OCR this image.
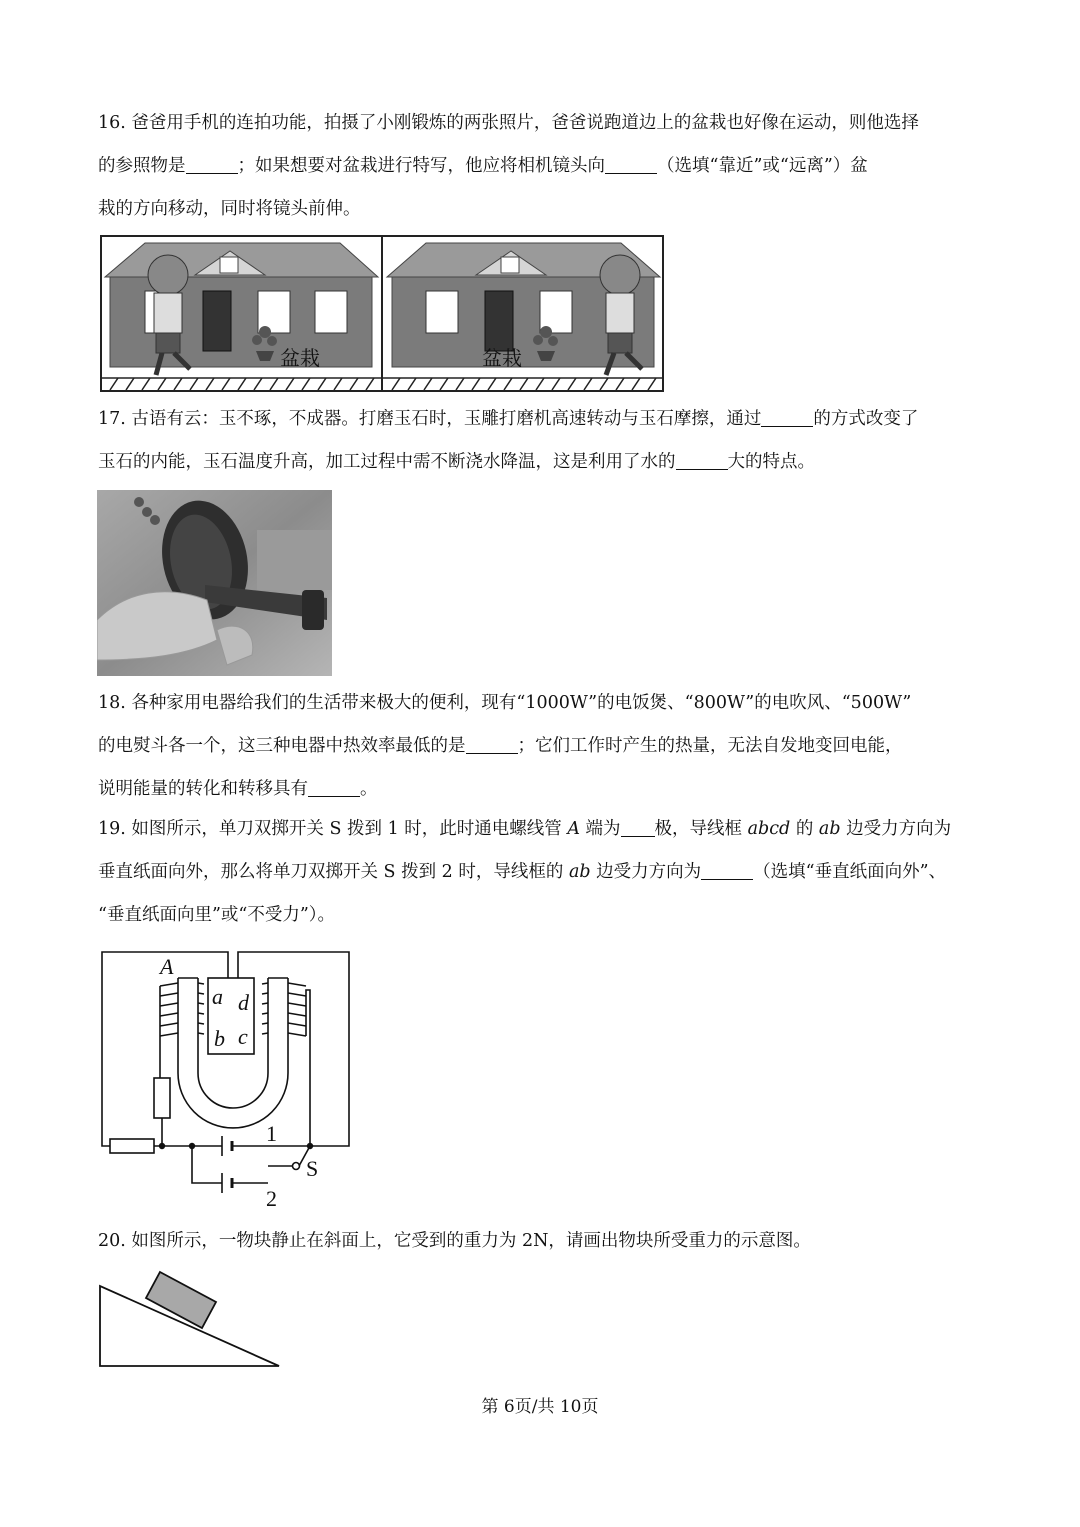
16. 爸爸用手机的连拍功能，拍摄了小刚锻炼的两张照片，爸爸说跑道边上的盆栽也好像在运动，则他选择
的参照物是	；如果想要对盆栽进行特写，他应将相机镜头向	（选填“靠近”或“远离”）盆
栽的方向移动，同时将镜头前伸。
盆栽	盆栽
17. 古语有云：玉不琢，不成器。打磨玉石时，玉雕打磨机高速转动与玉石摩擦，通过	的方式改变了
玉石的内能，玉石温度升高，加工过程中需不断浇水降温，这是利用了水的	大的特点。
18. 各种家用电器给我们的生活带来极大的便利，现有“1000W”的电饭煲、“800W”的电吹风、“500W”
的电熨斗各一个，这三种电器中热效率最低的是	；它们工作时产生的热量，无法自发地变回电能，
说明能量的转化和转移具有	。
19. 如图所示，单刀双掷开关 S 拨到 1 时，此时通电螺线管 A 端为 极，导线框 abcd 的 ab 边受力方向为
垂直纸面向外，那么将单刀双掷开关 S 拨到 2 时，导线框的 ab 边受力方向为	（选填“垂直纸面向外”、
“垂直纸面向里”或“不受力”）。
A
a d
b c
1
2
S
20. 如图所示，一物块静止在斜面上，它受到的重力为 2N，请画出物块所受重力的示意图。
第 6页/共 10页
